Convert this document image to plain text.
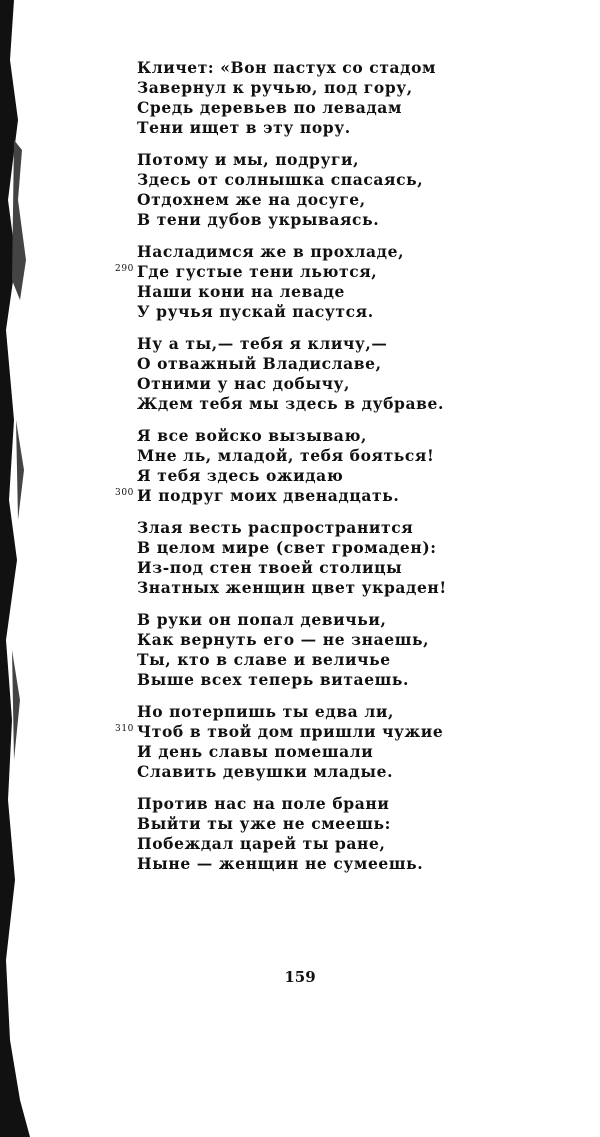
Кличет: «Вон пастух со стадом
Завернул к ручью, под гору,
Средь деревьев по левадам
Тени ищет в эту пору.
Потому и мы, подруги,
Здесь от солнышка спасаясь,
Отдохнем же на досуге,
В тени дубов укрываясь.
Насладимся же в прохладе,
290 Где густые тени льются,
Наши кони на леваде
У ручья пускай пасутся.
Ну а ты,— тебя я кличу,—
О отважный Владиславе,
Отними у нас добычу,
Ждем тебя мы здесь в дубраве.
Я все войско вызываю,
Мне ль, младой, тебя бояться!
Я тебя здесь ожидаю
300 И подруг моих двенадцать.
Злая весть распространится
В целом мире (свет громаден):
Из-под стен твоей столицы
Знатных женщин цвет украден!
В руки он попал девичьи,
Как вернуть его — не знаешь,
Ты, кто в славе и величье
Выше всех теперь витаешь.
Но потерпишь ты едва ли,
310 Чтоб в твой дом пришли чужие
И день славы помешали
Славить девушки младые.
Против нас на поле брани
Выйти ты уже не смеешь:
Побеждал царей ты ране,
Ныне — женщин не сумеешь.
159
